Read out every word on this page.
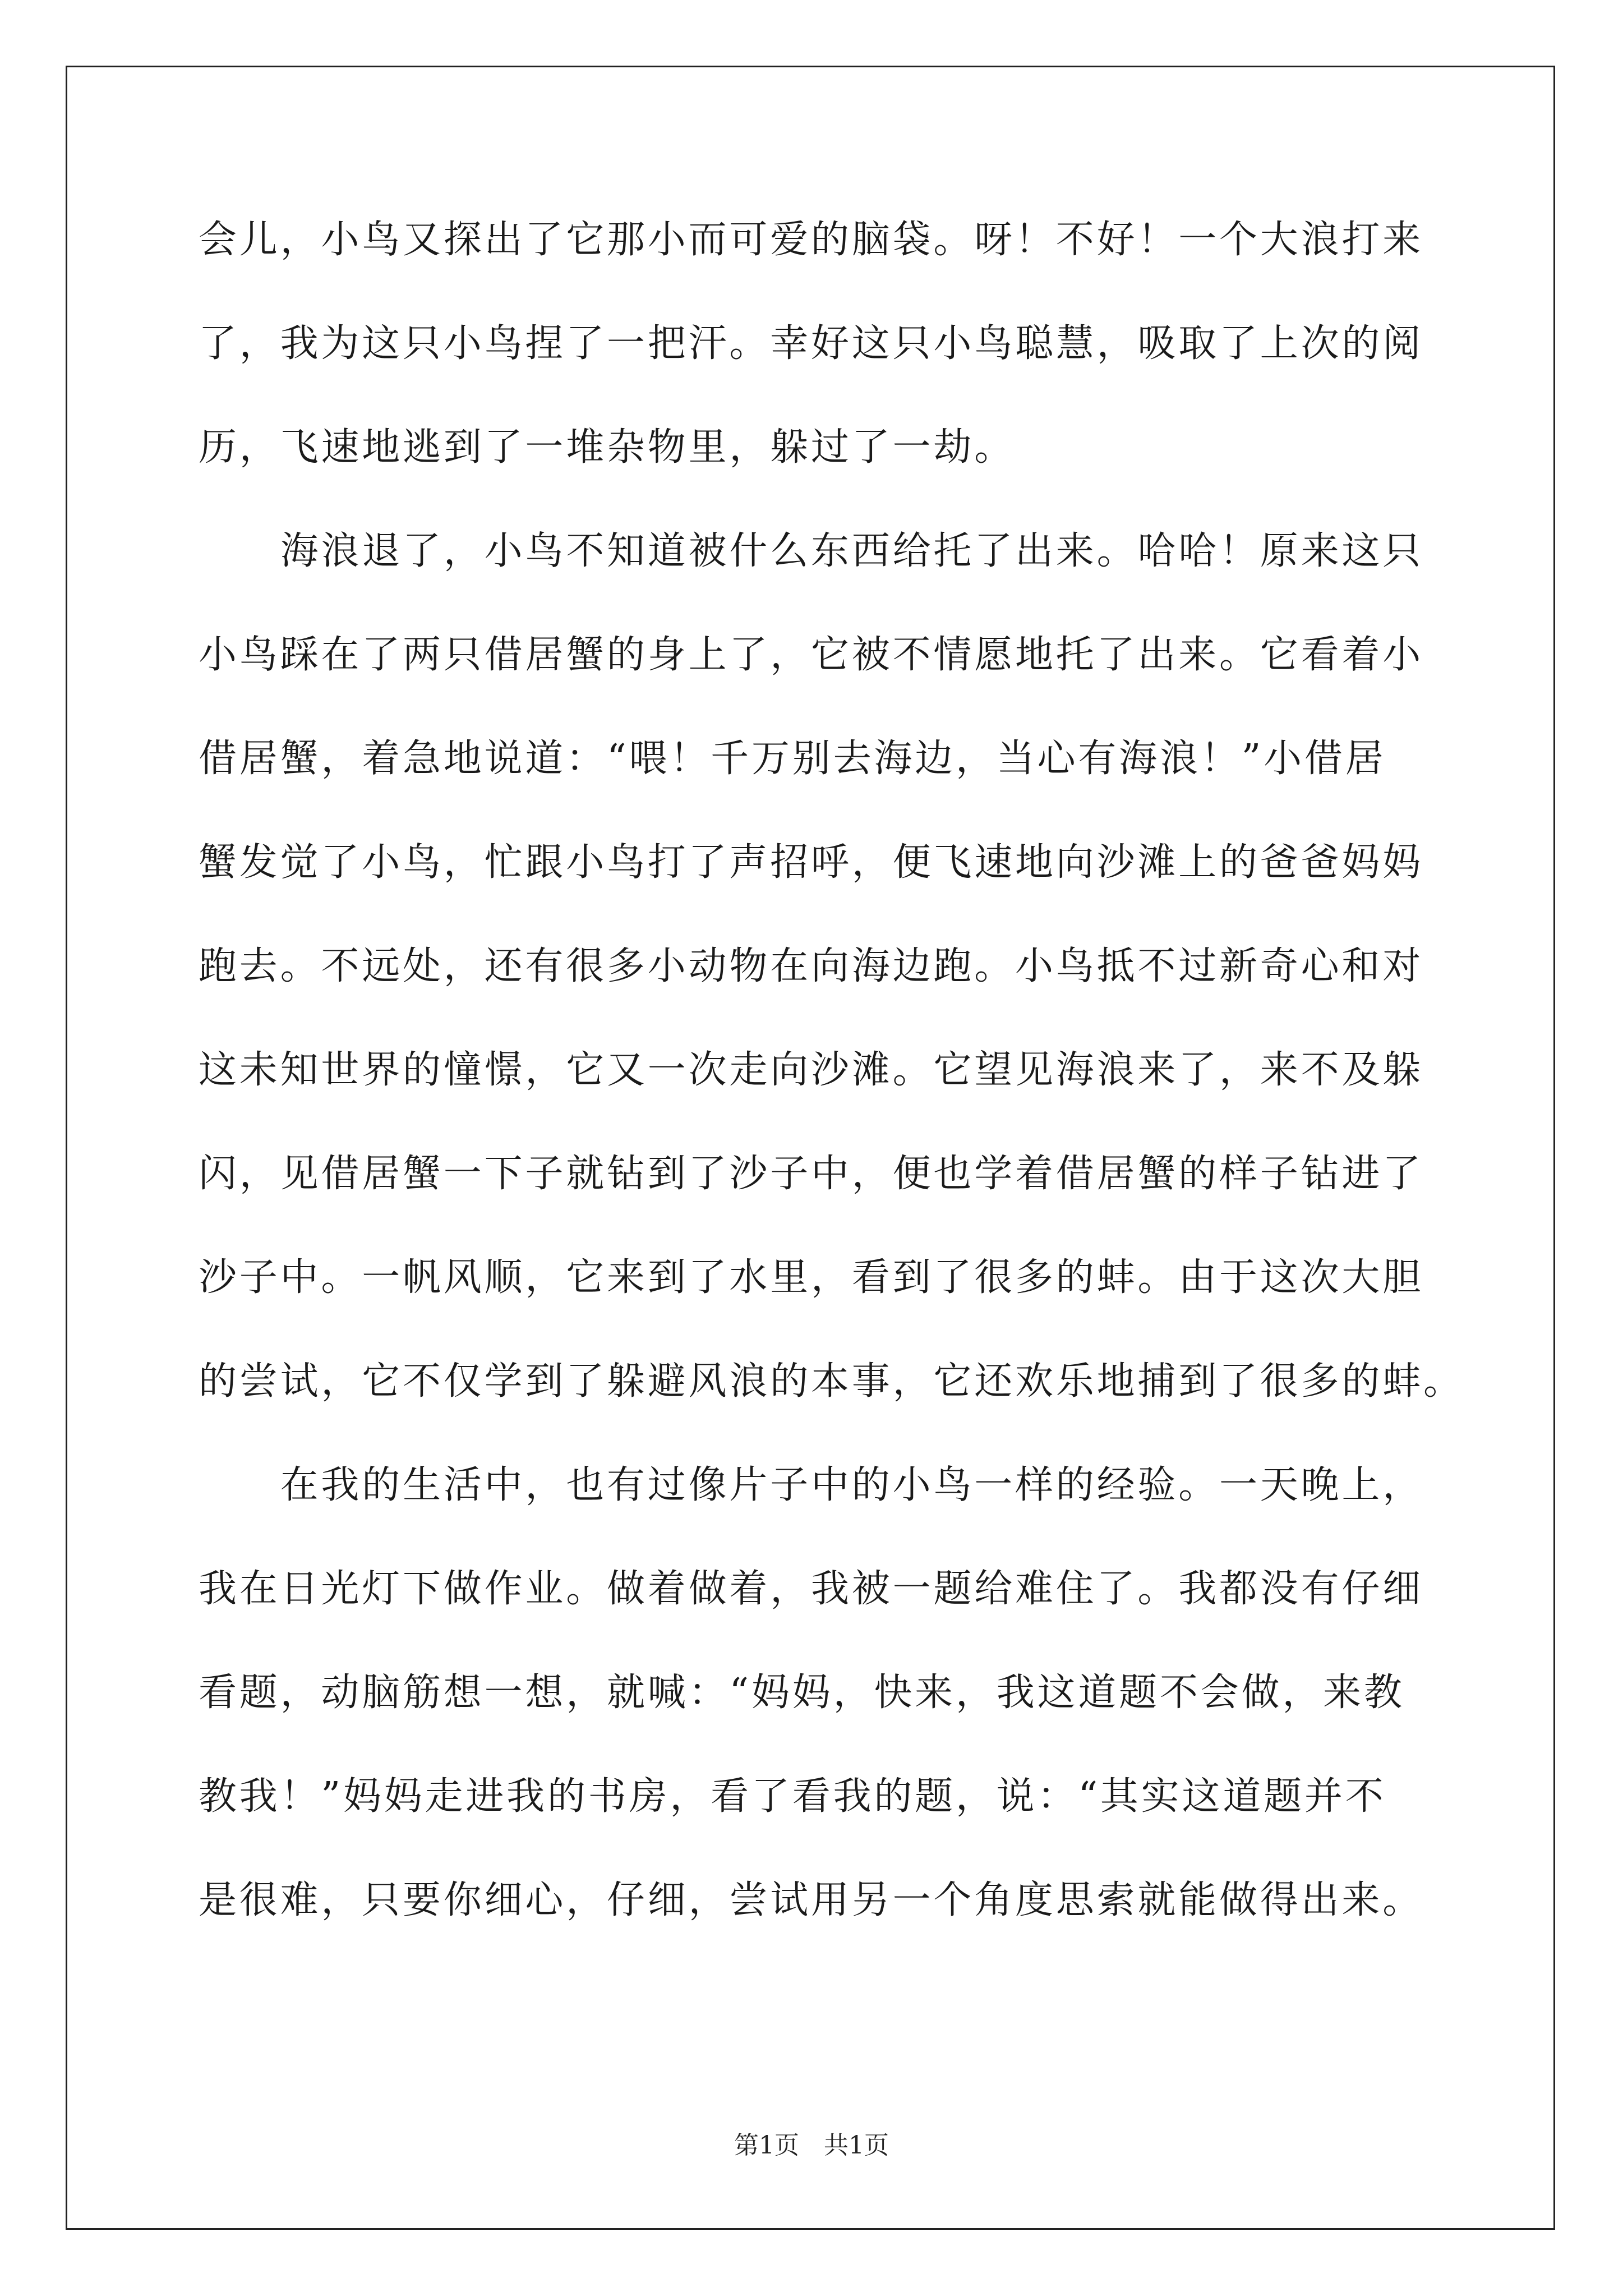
会儿，小鸟又探出了它那小而可爱的脑袋。呀！不好！一个大浪打来
了，我为这只小鸟捏了一把汗。幸好这只小鸟聪慧，吸取了上次的阅
历，飞速地逃到了一堆杂物里，躲过了一劫。
　　海浪退了，小鸟不知道被什么东西给托了出来。哈哈！原来这只
小鸟踩在了两只借居蟹的身上了，它被不情愿地托了出来。它看着小
借居蟹，着急地说道：“喂！千万别去海边，当心有海浪！”小借居
蟹发觉了小鸟，忙跟小鸟打了声招呼，便飞速地向沙滩上的爸爸妈妈
跑去。不远处，还有很多小动物在向海边跑。小鸟抵不过新奇心和对
这未知世界的憧憬，它又一次走向沙滩。它望见海浪来了，来不及躲
闪，见借居蟹一下子就钻到了沙子中，便也学着借居蟹的样子钻进了
沙子中。一帆风顺，它来到了水里，看到了很多的蚌。由于这次大胆
的尝试，它不仅学到了躲避风浪的本事，它还欢乐地捕到了很多的蚌。
　　在我的生活中，也有过像片子中的小鸟一样的经验。一天晚上，
我在日光灯下做作业。做着做着，我被一题给难住了。我都没有仔细
看题，动脑筋想一想，就喊：“妈妈，快来，我这道题不会做，来教
教我！”妈妈走进我的书房，看了看我的题，说：“其实这道题并不
是很难，只要你细心，仔细，尝试用另一个角度思索就能做得出来。
第1页 共1页
